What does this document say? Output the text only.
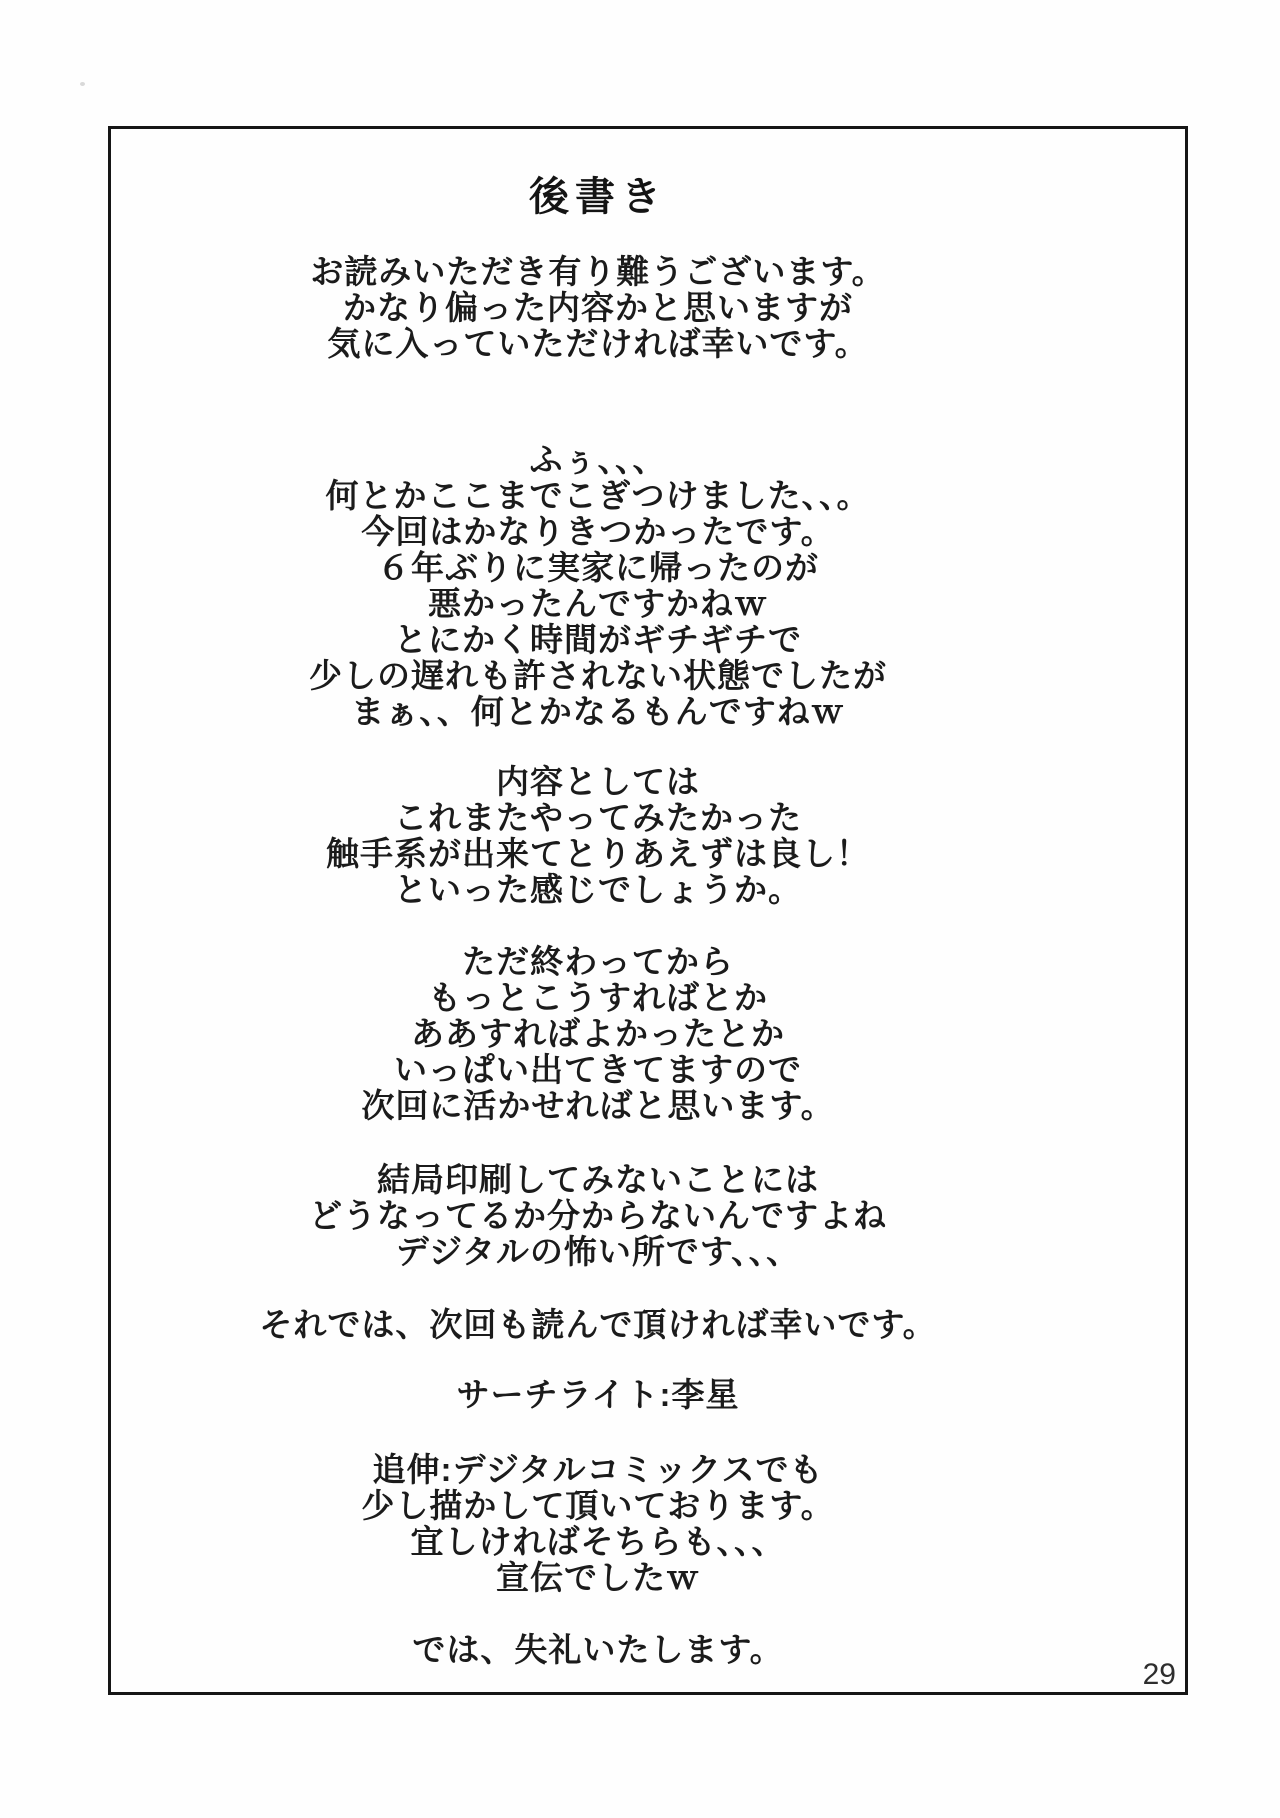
後書き
お読みいただき有り難うございます。
かなり偏った内容かと思いますが
気に入っていただければ幸いです。
ふぅ、、、
何とかここまでこぎつけました、、。
今回はかなりきつかったです。
６年ぶりに実家に帰ったのが
悪かったんですかねｗ
とにかく時間がギチギチで
少しの遅れも許されない状態でしたが
まぁ、、何とかなるもんですねｗ
内容としては
これまたやってみたかった
触手系が出来てとりあえずは良し！
といった感じでしょうか。
ただ終わってから
もっとこうすればとか
ああすればよかったとか
いっぱい出てきてますので
次回に活かせればと思います。
結局印刷してみないことには
どうなってるか分からないんですよね
デジタルの怖い所です、、、
それでは、次回も読んで頂ければ幸いです。
サーチライト:李星
追伸:デジタルコミックスでも
少し描かして頂いております。
宜しければそちらも、、、
宣伝でしたｗ
では、失礼いたします。
29
